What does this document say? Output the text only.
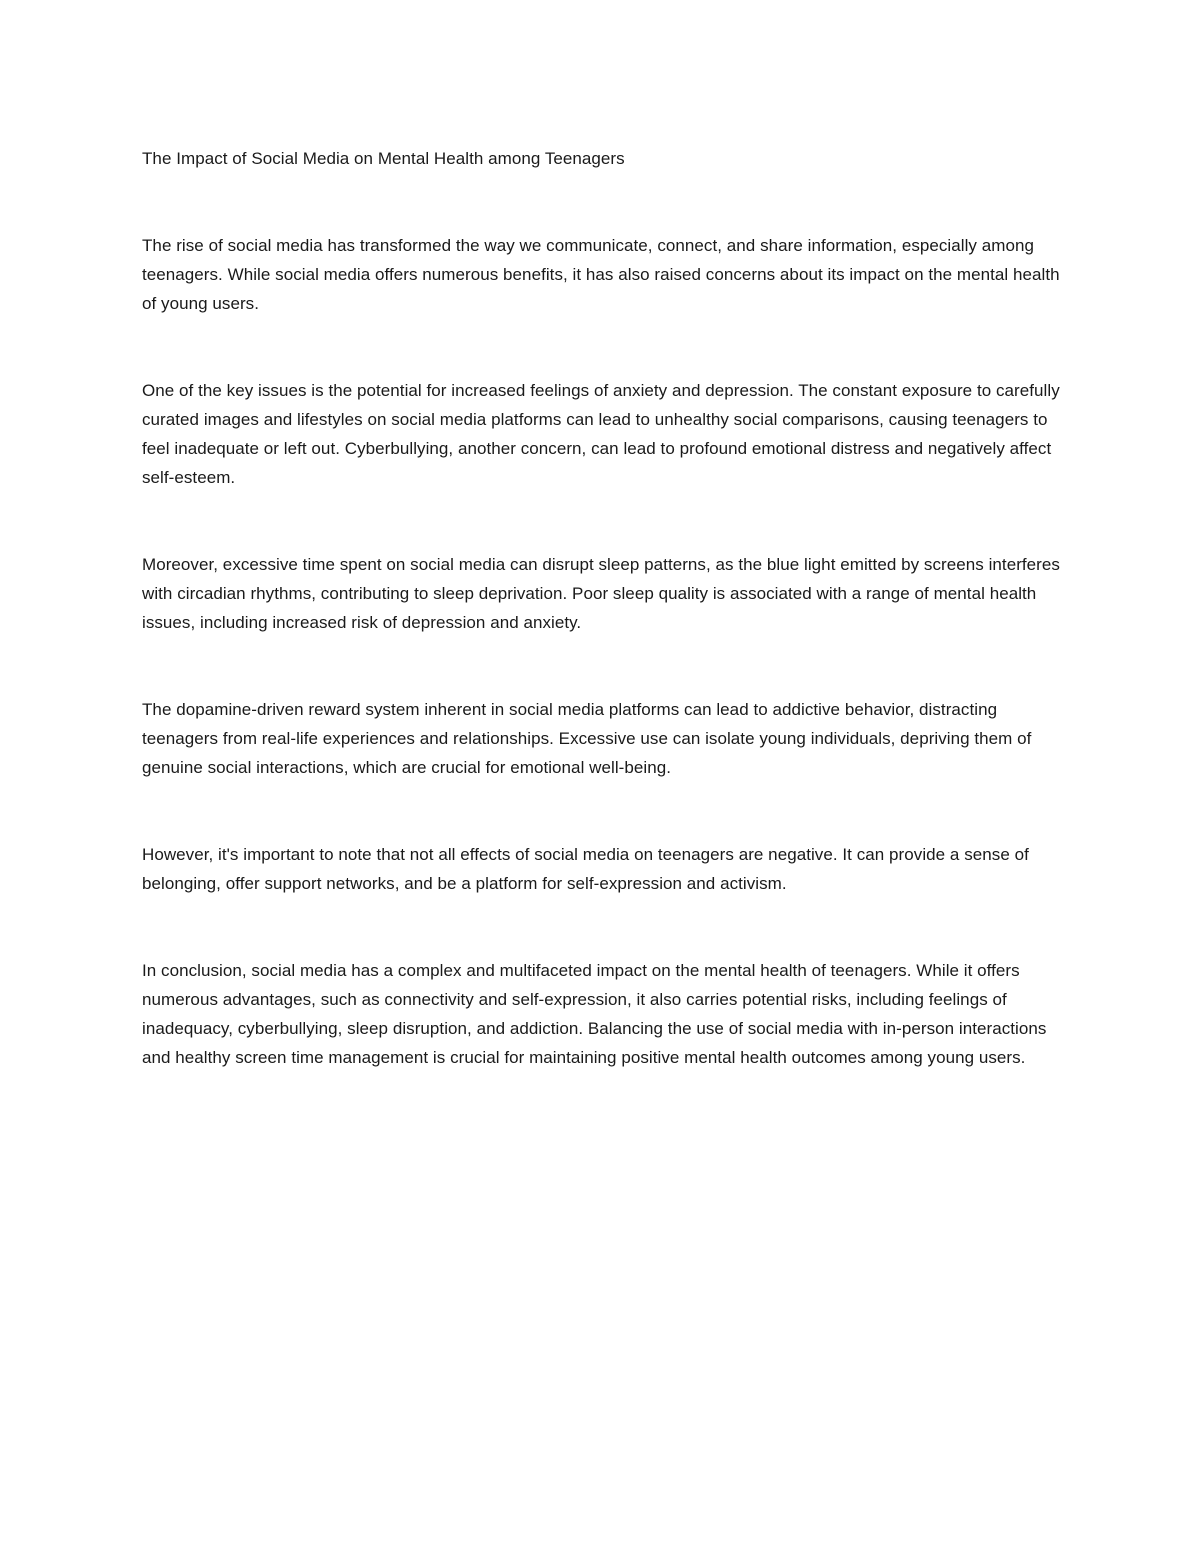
The Impact of Social Media on Mental Health among Teenagers

The rise of social media has transformed the way we communicate, connect, and share information, especially among teenagers. While social media offers numerous benefits, it has also raised concerns about its impact on the mental health of young users.

One of the key issues is the potential for increased feelings of anxiety and depression. The constant exposure to carefully curated images and lifestyles on social media platforms can lead to unhealthy social comparisons, causing teenagers to feel inadequate or left out. Cyberbullying, another concern, can lead to profound emotional distress and negatively affect self-esteem.

Moreover, excessive time spent on social media can disrupt sleep patterns, as the blue light emitted by screens interferes with circadian rhythms, contributing to sleep deprivation. Poor sleep quality is associated with a range of mental health issues, including increased risk of depression and anxiety.

The dopamine-driven reward system inherent in social media platforms can lead to addictive behavior, distracting teenagers from real-life experiences and relationships. Excessive use can isolate young individuals, depriving them of genuine social interactions, which are crucial for emotional well-being.

However, it's important to note that not all effects of social media on teenagers are negative. It can provide a sense of belonging, offer support networks, and be a platform for self-expression and activism.

In conclusion, social media has a complex and multifaceted impact on the mental health of teenagers. While it offers numerous advantages, such as connectivity and self-expression, it also carries potential risks, including feelings of inadequacy, cyberbullying, sleep disruption, and addiction. Balancing the use of social media with in-person interactions and healthy screen time management is crucial for maintaining positive mental health outcomes among young users.
